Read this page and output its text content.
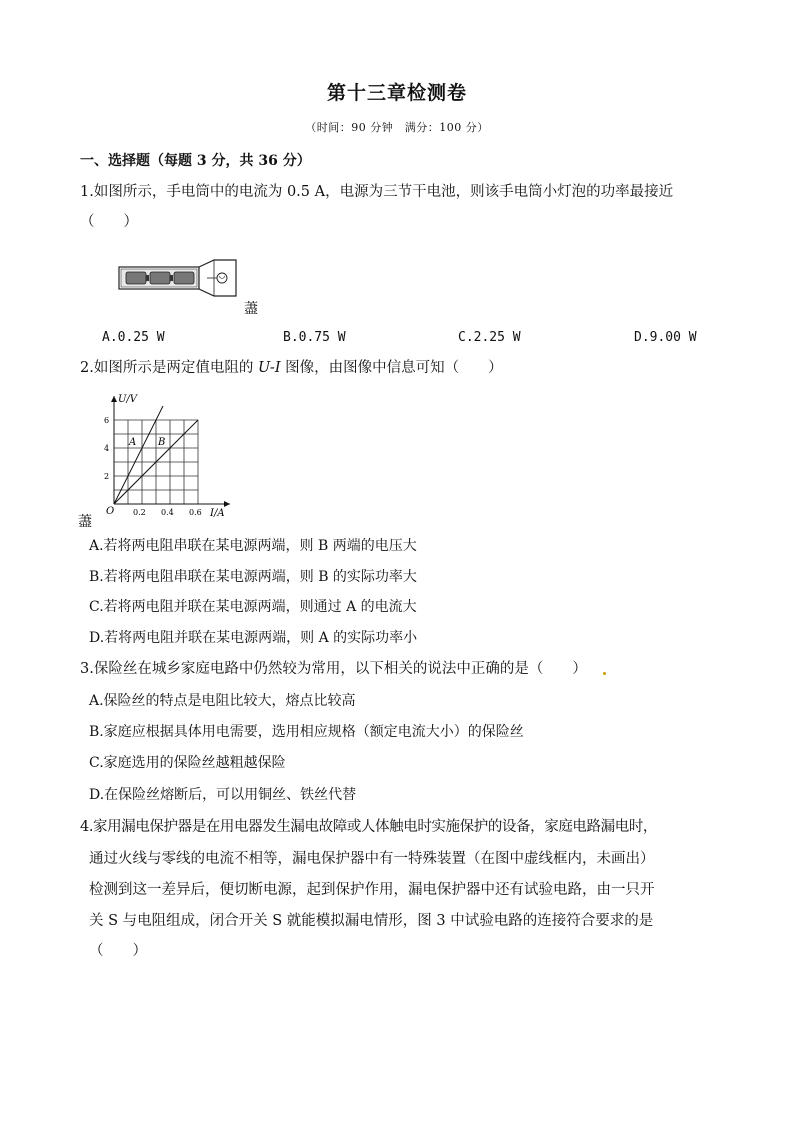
第十三章检测卷
（时间：90 分钟　满分：100 分）
一、选择题（每题 3 分，共 36 分）
1.如图所示，手电筒中的电流为 0.5 A，电源为三节干电池，则该手电筒小灯泡的功率最接近
（　　）
藎
A.0.25 W	B.0.75 W	C.2.25 W	D.9.00 W
2.如图所示是两定值电阻的 U-I 图像，由图像中信息可知（　　）
U/V
I/A
O
2
4
6
0.2 0.4 0.6
A B
藎
A.若将两电阻串联在某电源两端，则 B 两端的电压大
B.若将两电阻串联在某电源两端，则 B 的实际功率大
C.若将两电阻并联在某电源两端，则通过 A 的电流大
D.若将两电阻并联在某电源两端，则 A 的实际功率小
3.保险丝在城乡家庭电路中仍然较为常用，以下相关的说法中正确的是（　　）
A.保险丝的特点是电阻比较大，熔点比较高
B.家庭应根据具体用电需要，选用相应规格（额定电流大小）的保险丝
C.家庭选用的保险丝越粗越保险
D.在保险丝熔断后，可以用铜丝、铁丝代替
4.家用漏电保护器是在用电器发生漏电故障或人体触电时实施保护的设备，家庭电路漏电时，
通过火线与零线的电流不相等，漏电保护器中有一特殊装置（在图中虚线框内，未画出）
检测到这一差异后，便切断电源，起到保护作用，漏电保护器中还有试验电路，由一只开
关 S 与电阻组成，闭合开关 S 就能模拟漏电情形，图 3 中试验电路的连接符合要求的是
（　　）
